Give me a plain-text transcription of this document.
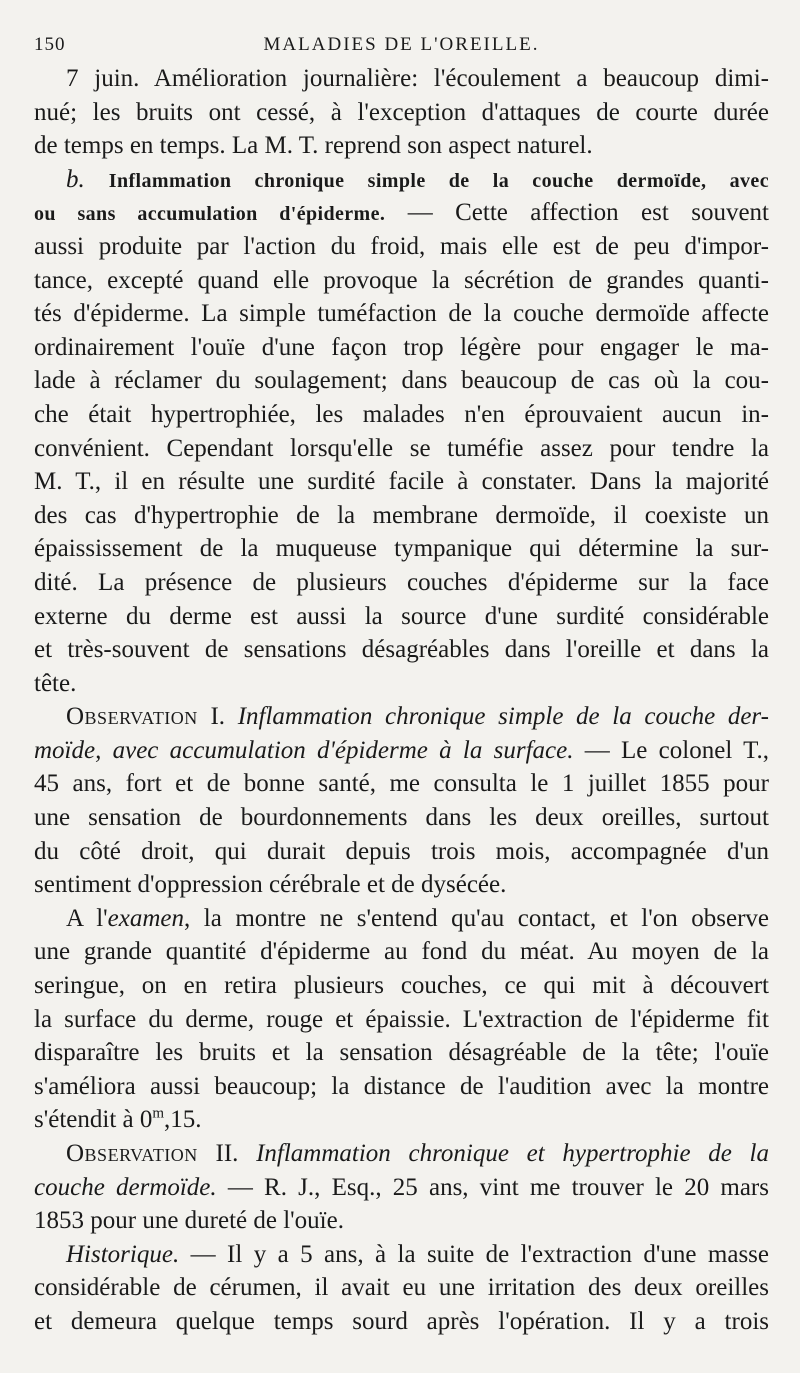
150	MALADIES DE L'OREILLE.
7 juin. Amélioration journalière: l'écoulement a beaucoup dimi-
nué; les bruits ont cessé, à l'exception d'attaques de courte durée
de temps en temps. La M. T. reprend son aspect naturel.
b. Inflammation chronique simple de la couche dermoïde, avec
ou sans accumulation d'épiderme. — Cette affection est souvent
aussi produite par l'action du froid, mais elle est de peu d'impor-
tance, excepté quand elle provoque la sécrétion de grandes quanti-
tés d'épiderme. La simple tuméfaction de la couche dermoïde affecte
ordinairement l'ouïe d'une façon trop légère pour engager le ma-
lade à réclamer du soulagement; dans beaucoup de cas où la cou-
che était hypertrophiée, les malades n'en éprouvaient aucun in-
convénient. Cependant lorsqu'elle se tuméfie assez pour tendre la
M. T., il en résulte une surdité facile à constater. Dans la majorité
des cas d'hypertrophie de la membrane dermoïde, il coexiste un
épaississement de la muqueuse tympanique qui détermine la sur-
dité. La présence de plusieurs couches d'épiderme sur la face
externe du derme est aussi la source d'une surdité considérable
et très-souvent de sensations désagréables dans l'oreille et dans la
tête.
Observation I. Inflammation chronique simple de la couche der-
moïde, avec accumulation d'épiderme à la surface. — Le colonel T.,
45 ans, fort et de bonne santé, me consulta le 1 juillet 1855 pour
une sensation de bourdonnements dans les deux oreilles, surtout
du côté droit, qui durait depuis trois mois, accompagnée d'un
sentiment d'oppression cérébrale et de dysécée.
A l'examen, la montre ne s'entend qu'au contact, et l'on observe
une grande quantité d'épiderme au fond du méat. Au moyen de la
seringue, on en retira plusieurs couches, ce qui mit à découvert
la surface du derme, rouge et épaissie. L'extraction de l'épiderme fit
disparaître les bruits et la sensation désagréable de la tête; l'ouïe
s'améliora aussi beaucoup; la distance de l'audition avec la montre
s'étendit à 0$^m$,15.
Observation II. Inflammation chronique et hypertrophie de la
couche dermoïde. — R. J., Esq., 25 ans, vint me trouver le 20 mars
1853 pour une dureté de l'ouïe.
Historique. — Il y a 5 ans, à la suite de l'extraction d'une masse
considérable de cérumen, il avait eu une irritation des deux oreilles
et demeura quelque temps sourd après l'opération. Il y a trois
